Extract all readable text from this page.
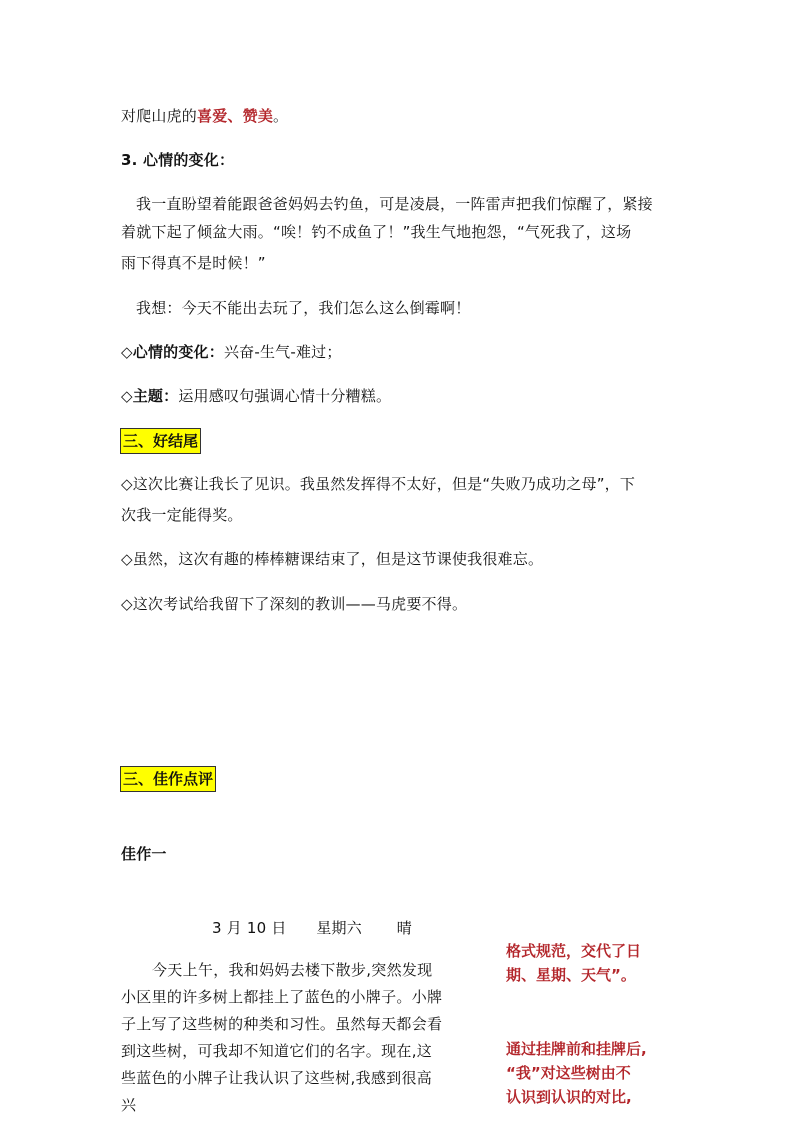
对爬山虎的喜爱、赞美。
3. 心情的变化：
我一直盼望着能跟爸爸妈妈去钓鱼，可是凌晨，一阵雷声把我们惊醒了，紧接
着就下起了倾盆大雨。“唉！钓不成鱼了！”我生气地抱怨，“气死我了，这场
雨下得真不是时候！”
我想：今天不能出去玩了，我们怎么这么倒霉啊！
◇心情的变化：兴奋-生气-难过；
◇主题：运用感叹句强调心情十分糟糕。
三、好结尾
◇这次比赛让我长了见识。我虽然发挥得不太好，但是“失败乃成功之母”，下
次我一定能得奖。
◇虽然，这次有趣的棒棒糖课结束了，但是这节课使我很难忘。
◇这次考试给我留下了深刻的教训——马虎要不得。
三、佳作点评
佳作一
3 月 10 日      星期六       晴
今天上午，我和妈妈去楼下散步,突然发现
小区里的许多树上都挂上了蓝色的小牌子。小牌
子上写了这些树的种类和习性。虽然每天都会看
到这些树，可我却不知道它们的名字。现在,这
些蓝色的小牌子让我认识了这些树,我感到很高
兴
格式规范，交代了日
期、星期、天气”。
通过挂牌前和挂牌后,
“我”对这些树由不
认识到认识的对比,
